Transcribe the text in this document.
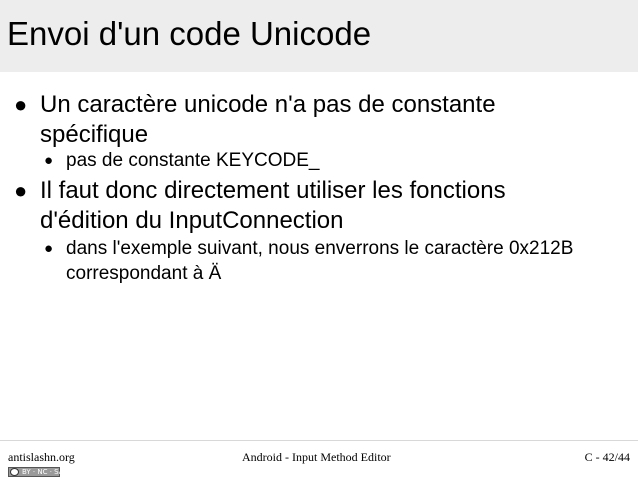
Envoi d'un code Unicode
● Un caractère unicode n'a pas de constante spécifique
● pas de constante KEYCODE_
● Il faut donc directement utiliser les fonctions d'édition du InputConnection
● dans l'exemple suivant, nous enverrons le caractère 0x212B correspondant à Ä
antislashn.org	Android - Input Method Editor	C - 42/44
BY · NC · SA
